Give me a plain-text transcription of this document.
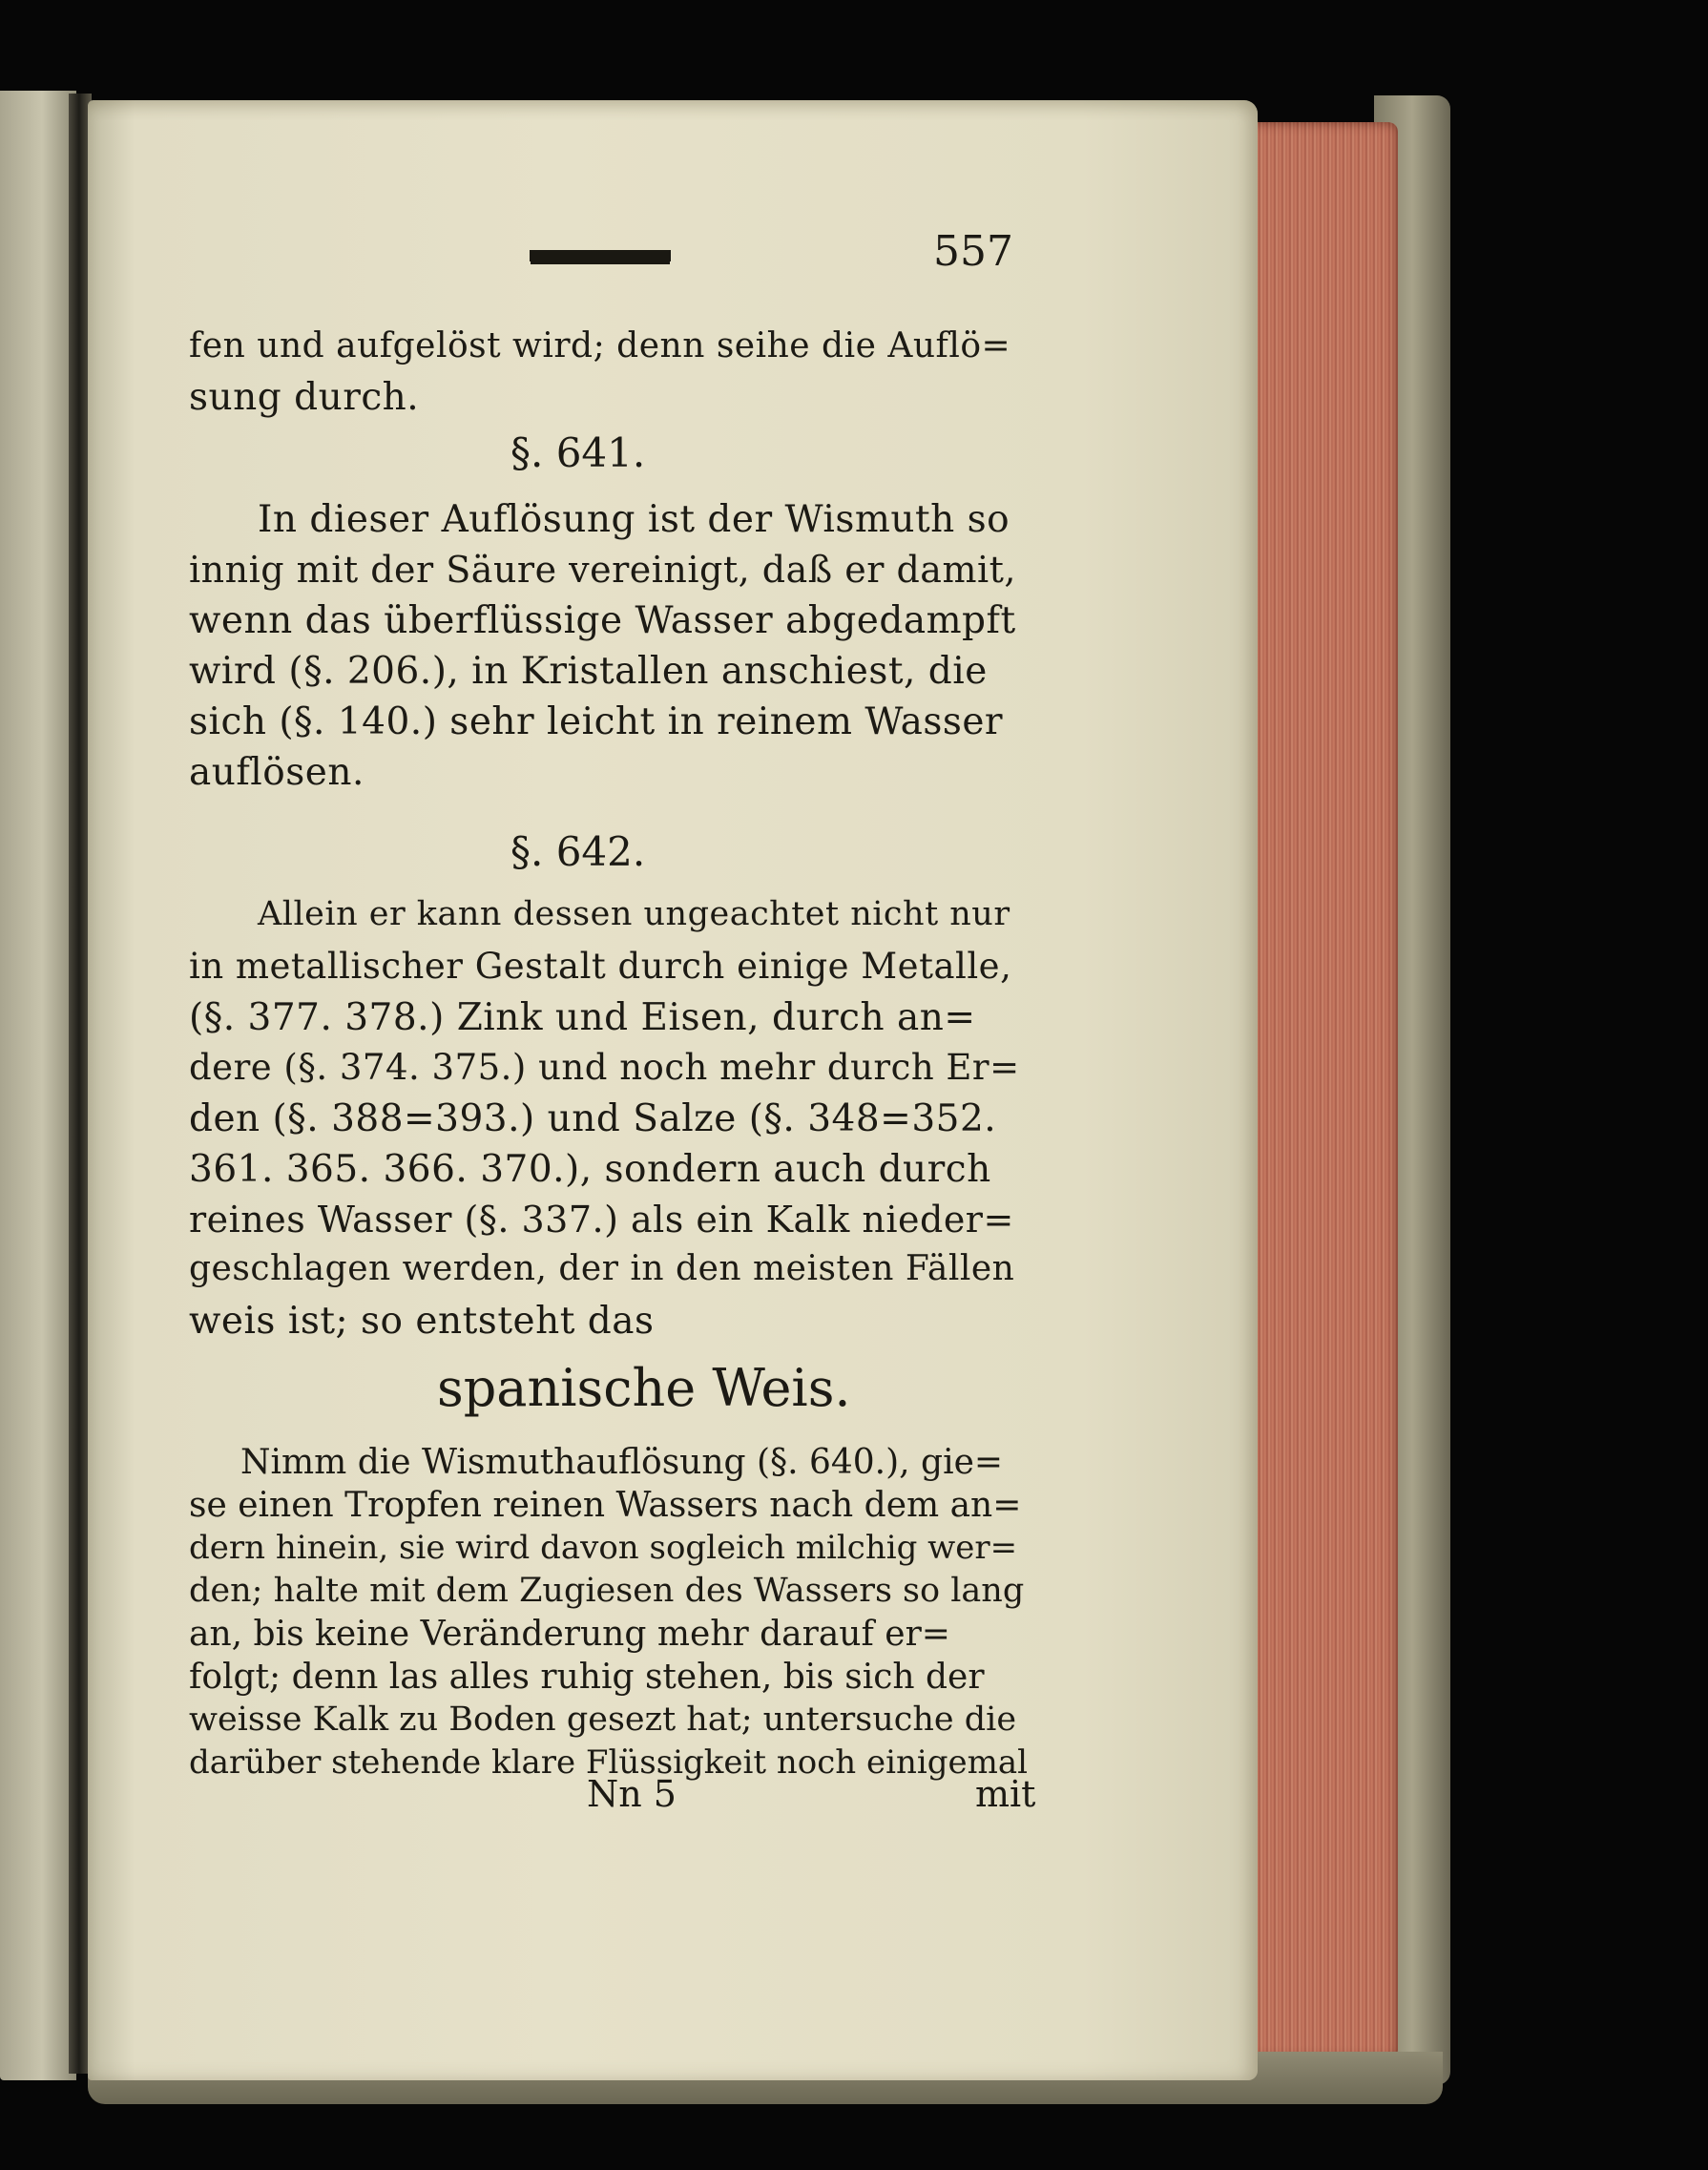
557
fen und aufgelöst wird; denn seihe die Auflö=
sung durch.
§. 641.
In dieser Auflösung ist der Wismuth so
innig mit der Säure vereinigt, daß er damit,
wenn das überflüssige Wasser abgedampft
wird (§. 206.), in Kristallen anschiest, die
sich (§. 140.) sehr leicht in reinem Wasser
auflösen.
§. 642.
Allein er kann dessen ungeachtet nicht nur
in metallischer Gestalt durch einige Metalle,
(§. 377. 378.) Zink und Eisen, durch an=
dere (§. 374. 375.) und noch mehr durch Er=
den (§. 388=393.) und Salze (§. 348=352.
361. 365. 366. 370.), sondern auch durch
reines Wasser (§. 337.) als ein Kalk nieder=
geschlagen werden, der in den meisten Fällen
weis ist; so entsteht das
spanische Weis.
Nimm die Wismuthauflösung (§. 640.), gie=
se einen Tropfen reinen Wassers nach dem an=
dern hinein, sie wird davon sogleich milchig wer=
den; halte mit dem Zugiesen des Wassers so lang
an, bis keine Veränderung mehr darauf er=
folgt; denn las alles ruhig stehen, bis sich der
weisse Kalk zu Boden gesezt hat; untersuche die
darüber stehende klare Flüssigkeit noch einigemal
Nn 5	mit
